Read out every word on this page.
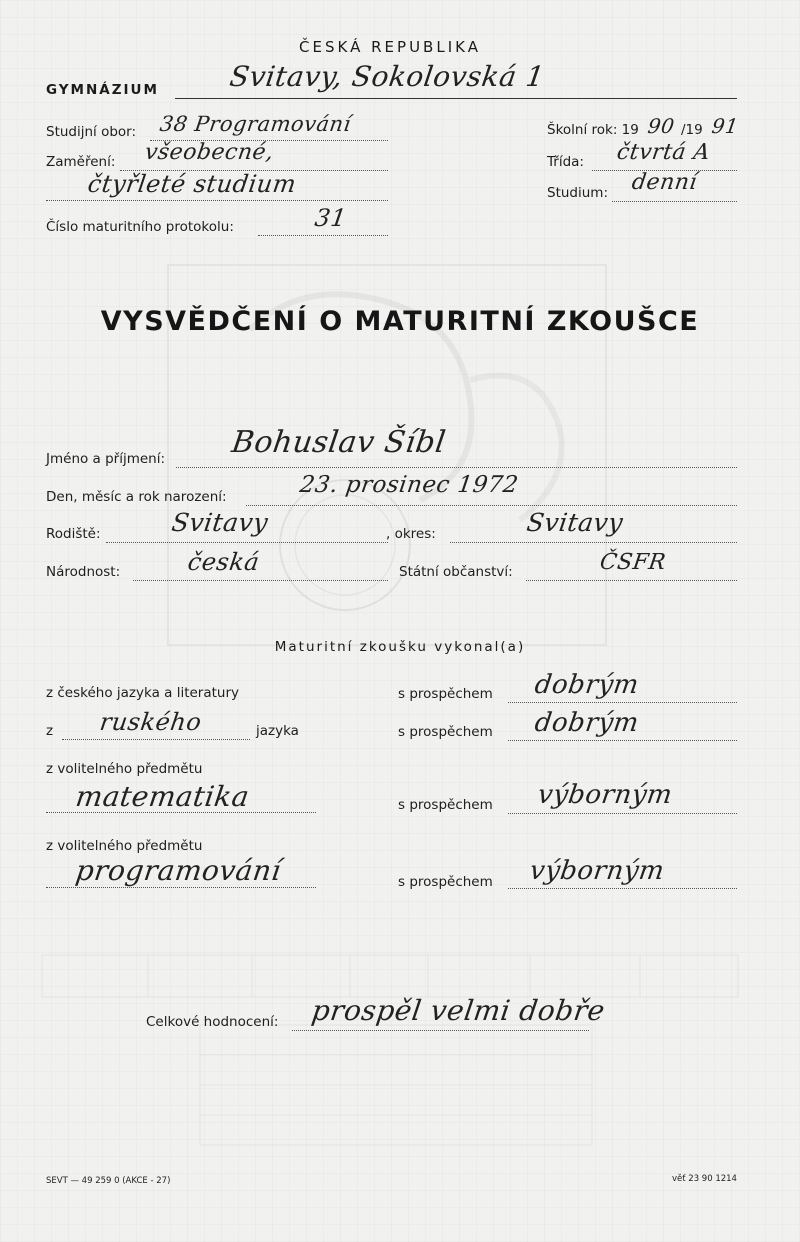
ČESKÁ REPUBLIKA
GYMNÁZIUM Svitavy, Sokolovská 1
Studijní obor: 38 Programování	Školní rok: 19 90 /19 91
Zaměření: všeobecné,
čtyřleté studium
Třída: čtvrtá A
Studium: denní
Číslo maturitního protokolu:	31
VYSVĚDČENÍ O MATURITNÍ ZKOUŠCE
Jméno a příjmení: Bohuslav Šíbl
Den, měsíc a rok narození:	23. prosinec 1972
Rodiště:	Svitavy	, okres:	Svitavy
Národnost:	česká	Státní občanství:	ČSFR
Maturitní zkoušku vykonal(a)
z českého jazyka a literatury	s prospěchem dobrým
z ruského	jazyka	s prospěchem dobrým
z volitelného předmětu
matematika	s prospěchem výborným
z volitelného předmětu
programování	s prospěchem výborným
Celkové hodnocení: prospěl velmi dobře
SEVT — 49 259 0 (AKCE - 27)	věť 23 90 1214
